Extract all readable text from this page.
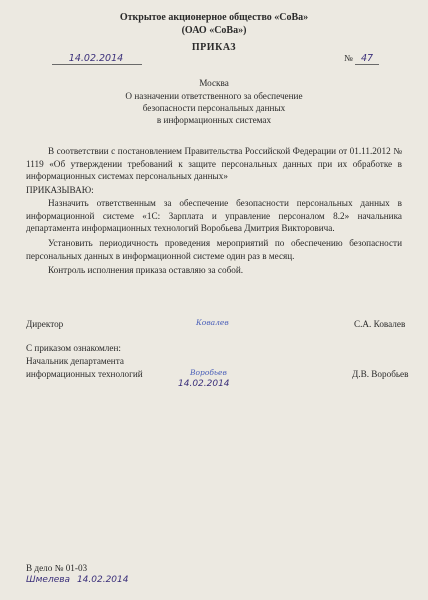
Открытое акционерное общество «СоВа»
(ОАО «СоВа»)
ПРИКАЗ
14.02.2014	№ 47
Москва
О назначении ответственного за обеспечение
безопасности персональных данных
в информационных системах
В соответствии с постановлением Правительства Российской Федерации от 01.11.2012 № 1119 «Об утверждении требований к защите персональных данных при их обработке в информационных системах персональных данных»
ПРИКАЗЫВАЮ:
Назначить ответственным за обеспечение безопасности персональных данных в информационной системе «1С: Зарплата и управление персоналом 8.2» начальника департамента информационных технологий Воробьева Дмитрия Викторовича.
Установить периодичность проведения мероприятий по обеспечению безопасности персональных данных в информационной системе один раз в месяц.
Контроль исполнения приказа оставляю за собой.
Директор	Ковалев	С.А. Ковалев
С приказом ознакомлен:
Начальник департамента
информационных технологий	Воробьев
14.02.2014
Д.В. Воробьев
В дело № 01-03
Шмелева 14.02.2014
